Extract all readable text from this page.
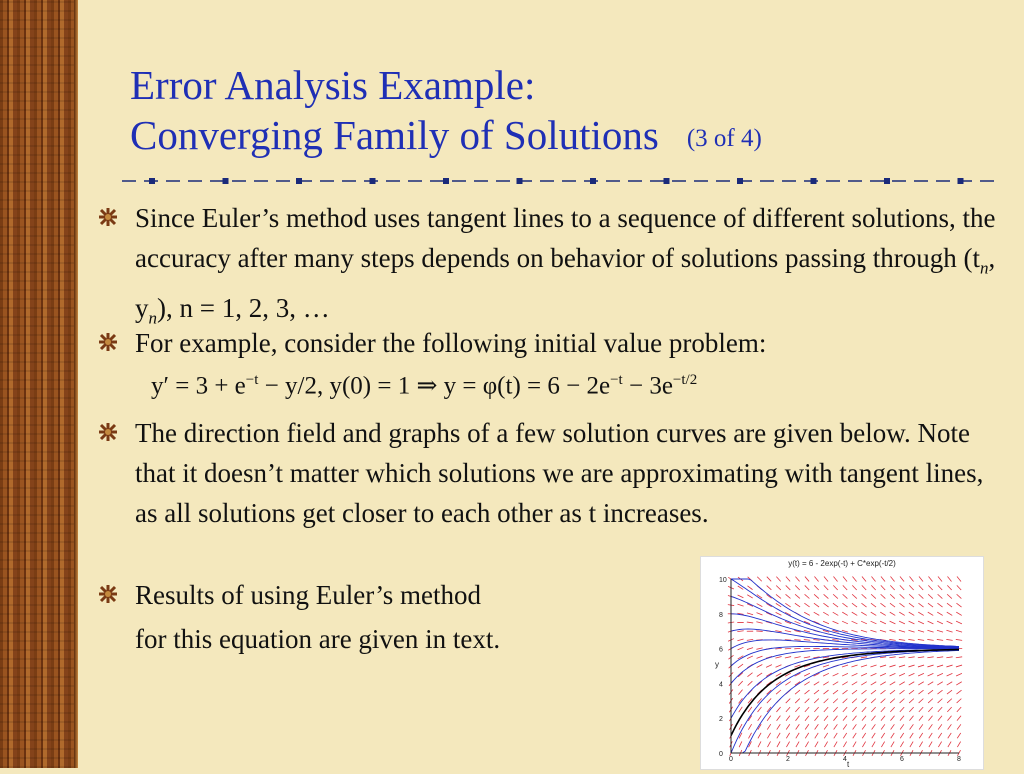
Error Analysis Example:
Converging Family of Solutions (3 of 4)
Since Euler’s method uses tangent lines to a sequence of different solutions, the accuracy after many steps depends on behavior of solutions passing through ($t_n$, $y_n$), n = 1, 2, 3, …
For example, consider the following initial value problem:
$y' = 3 + e^{-t} - y/2$, y(0) = 1 ⇒ $y = \varphi(t) = 6 - 2e^{-t} - 3e^{-t/2}$
The direction field and graphs of a few solution curves are given below. Note that it doesn’t matter which solutions we are approximating with tangent lines, as all solutions get closer to each other as t increases.
Results of using Euler’s method
for this equation are given in text.
y(t) = 6 - 2exp(-t) + C*exp(-t/2)
y
t
0	2	4	6	8
0
2
4
6
8
10
